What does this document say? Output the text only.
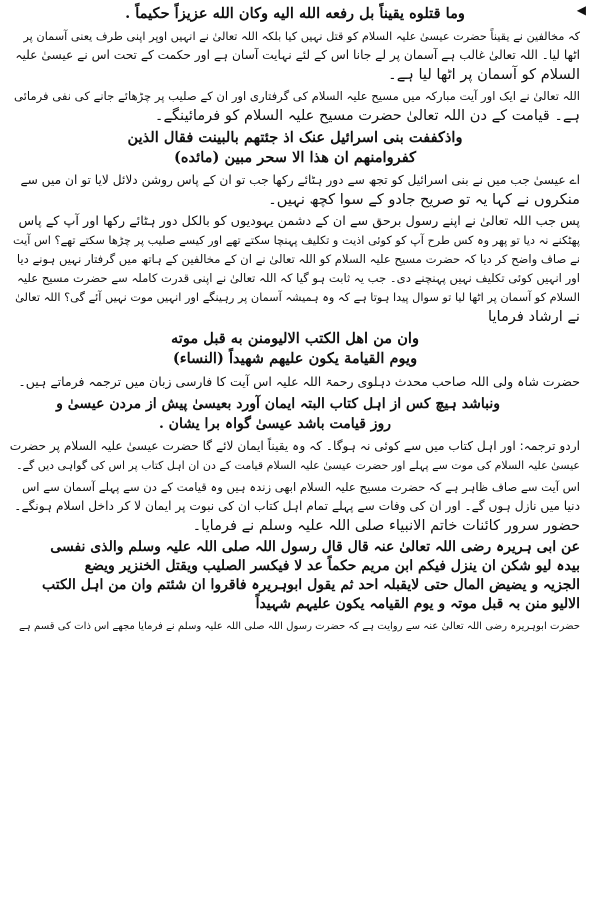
◀
وما قتلوه يقيناً بل رفعه الله اليه وكان الله عزيزاً حكيماً .
کہ مخالفین نے یقیناً حضرت عیسیٰ علیہ السلام کو قتل نہیں کیا بلکہ اللہ تعالیٰ نے انہیں اوپر اپنی طرف یعنی آسمان پر
اٹھا لیا۔ اللہ تعالیٰ غالب ہے آسمان پر لے جانا اس کے لئے نہایت آسان ہے اور حکمت کے تحت اس نے عیسیٰ علیہ
السلام کو آسمان پر اٹھا لیا ہے۔
اللہ تعالیٰ نے ایک اور آیت مبارکہ میں مسیح علیہ السلام کی گرفتاری اور ان کے صلیب پر چڑھائے جانے کی نفی فرمائی
ہے۔ قیامت کے دن اللہ تعالیٰ حضرت مسیح علیہ السلام کو فرمائینگے۔
واذكففت بنی اسرائيل عنک اذ جئتهم بالبينت فقال الذين
كفروامنهم ان هذا الا سحر مبين (مائده)
اے عیسیٰ جب میں نے بنی اسرائیل کو تجھ سے دور ہٹائے رکھا جب تو ان کے پاس روشن دلائل لایا تو ان میں سے
منکروں نے کہا یہ تو صریح جادو کے سوا کچھ نہیں۔
پس جب اللہ تعالیٰ نے اپنے رسول برحق سے ان کے دشمن یہودیوں کو بالکل دور ہٹائے رکھا اور آپ کے پاس
پھٹکنے نہ دیا تو پھر وہ کس طرح آپ کو کوئی اذیت و تکلیف پہنچا سکتے تھے اور کیسے صلیب پر چڑھا سکتے تھے؟ اس آیت
نے صاف واضح کر دیا کہ حضرت مسیح علیہ السلام کو اللہ تعالیٰ نے ان کے مخالفین کے ہاتھ میں گرفتار نہیں ہونے دیا
اور انہیں کوئی تکلیف نہیں پہنچنے دی۔ جب یہ ثابت ہو گیا کہ اللہ تعالیٰ نے اپنی قدرت کاملہ سے حضرت مسیح علیہ
السلام کو آسمان پر اٹھا لیا تو سوال پیدا ہوتا ہے کہ وہ ہمیشہ آسمان پر رہینگے اور انہیں موت نہیں آئے گی؟ اللہ تعالیٰ
نے ارشاد فرمایا
وان من اهل الكتب الاليومنن به قبل موته
ويوم القيامة يكون عليهم شهيداً (النساء)
حضرت شاہ ولی اللہ صاحب محدث دہلوی رحمۃ اللہ علیہ اس آیت کا فارسی زبان میں ترجمہ فرماتے ہیں۔
ونباشد ہیچ کس از اہل کتاب البتہ ایمان آورد بعیسیٰ پیش از مردن عیسیٰ و
روز قیامت باشد عیسیٰ گواہ برا یشان .
اردو ترجمہ: اور اہل کتاب میں سے کوئی نہ ہوگا۔ کہ وہ یقیناً ایمان لائے گا حضرت عیسیٰ علیہ السلام پر حضرت
عیسیٰ علیہ السلام کی موت سے پہلے اور حضرت عیسیٰ علیہ السلام قیامت کے دن ان اہل کتاب پر اس کی گواہی دیں گے۔
اس آیت سے صاف ظاہر ہے کہ حضرت مسیح علیہ السلام ابھی زندہ ہیں وہ قیامت کے دن سے پہلے آسمان سے اس
دنیا میں نازل ہوں گے۔ اور ان کی وفات سے پہلے تمام اہل کتاب ان کی نبوت پر ایمان لا کر داخل اسلام ہونگے۔
حضور سرور کائنات خاتم الانبیاء صلی اللہ علیہ وسلم نے فرمایا۔
عن ابی ہریرہ رضی اللہ تعالیٰ عنہ قال قال رسول اللہ صلی اللہ علیہ وسلم والذی نفسی
بیدہ لیو شکن ان ینزل فیکم ابن مریم حکماً عد لا فیکسر الصلیب ویقتل الخنزیر ویضع
الجزیہ و یضیض المال حتی لایقبلہ احد ثم یقول ابوہریرہ فاقروا ان شئتم وان من اہل الکتب
الالیو منن بہ قبل موتہ و یوم القیامہ یکون علیہم شہیداً
حضرت ابوہریرہ رضی اللہ تعالیٰ عنہ سے روایت ہے کہ حضرت رسول اللہ صلی اللہ علیہ وسلم نے فرمایا مجھے اس ذات کی قسم ہے
